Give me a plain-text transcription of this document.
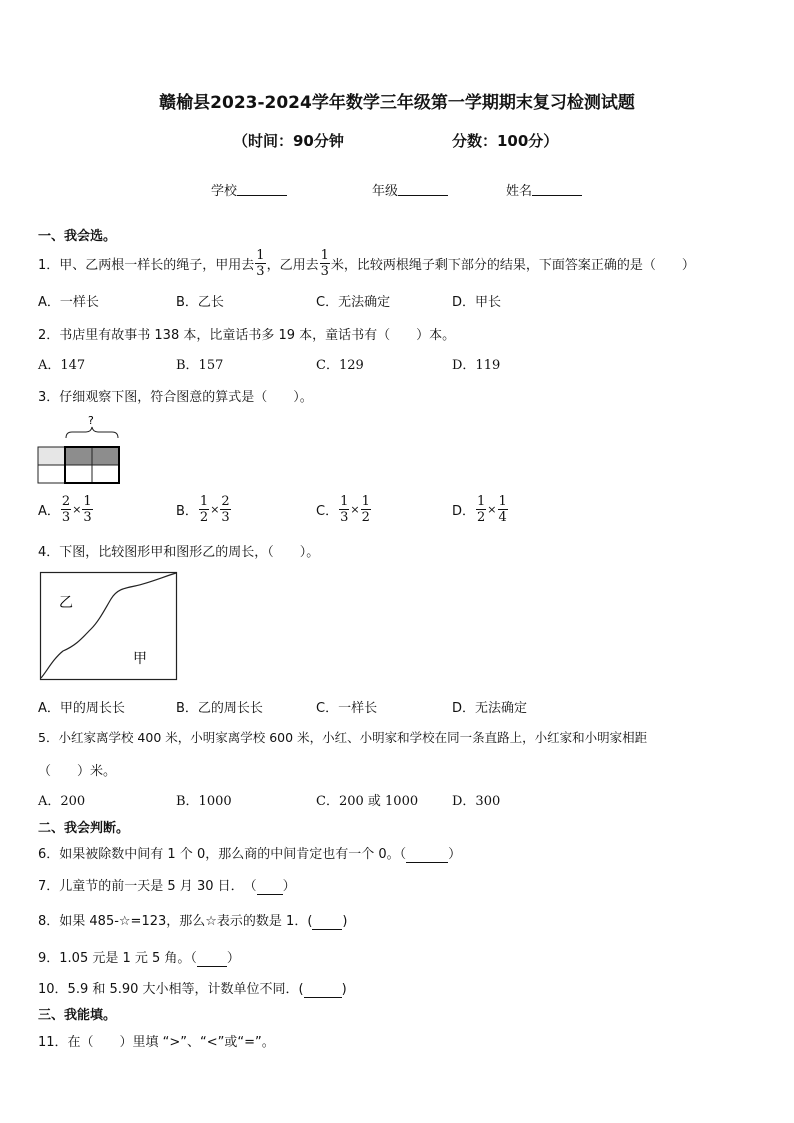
赣榆县2023-2024学年数学三年级第一学期期末复习检测试题
（时间：90分钟	分数：100分）
学校	年级	姓名
一、我会选。
1．甲、乙两根一样长的绳子，甲用去 $\frac{1}{3}$ ，乙用去 $\frac{1}{3}$ 米，比较两根绳子剩下部分的结果，下面答案正确的是（　　）
A．一样长	B．乙长	C．无法确定	D．甲长
2．书店里有故事书 138 本，比童话书多 19 本，童话书有（　　）本。
A．147	B．157	C．129	D．119
3．仔细观察下图，符合图意的算式是（　　）。
?
A． $\frac{2}{3} \times \frac{1}{3}$	B． $\frac{1}{2} \times \frac{2}{3}$	C． $\frac{1}{3} \times \frac{1}{2}$	D． $\frac{1}{2} \times \frac{1}{4}$
4．下图，比较图形甲和图形乙的周长，（　　）。
乙
甲
A．甲的周长长	B．乙的周长长	C．一样长	D．无法确定
5．小红家离学校 400 米，小明家离学校 600 米，小红、小明家和学校在同一条直路上，小红家和小明家相距
（　　）米。
A．200	B．1000	C．200 或 1000	D．300
二、我会判断。
6．如果被除数中间有 1 个 0，那么商的中间肯定也有一个 0。（	）
7．儿童节的前一天是 5 月 30 日．　（ ）
8．如果 485-☆=123，那么☆表示的数是 1．( )
9．1.05 元是 1 元 5 角。（ ）
10．5.9 和 5.90 大小相等，计数单位不同．(	)
三、我能填。
11．在（　　）里填 “>”、“<”或“=”。
